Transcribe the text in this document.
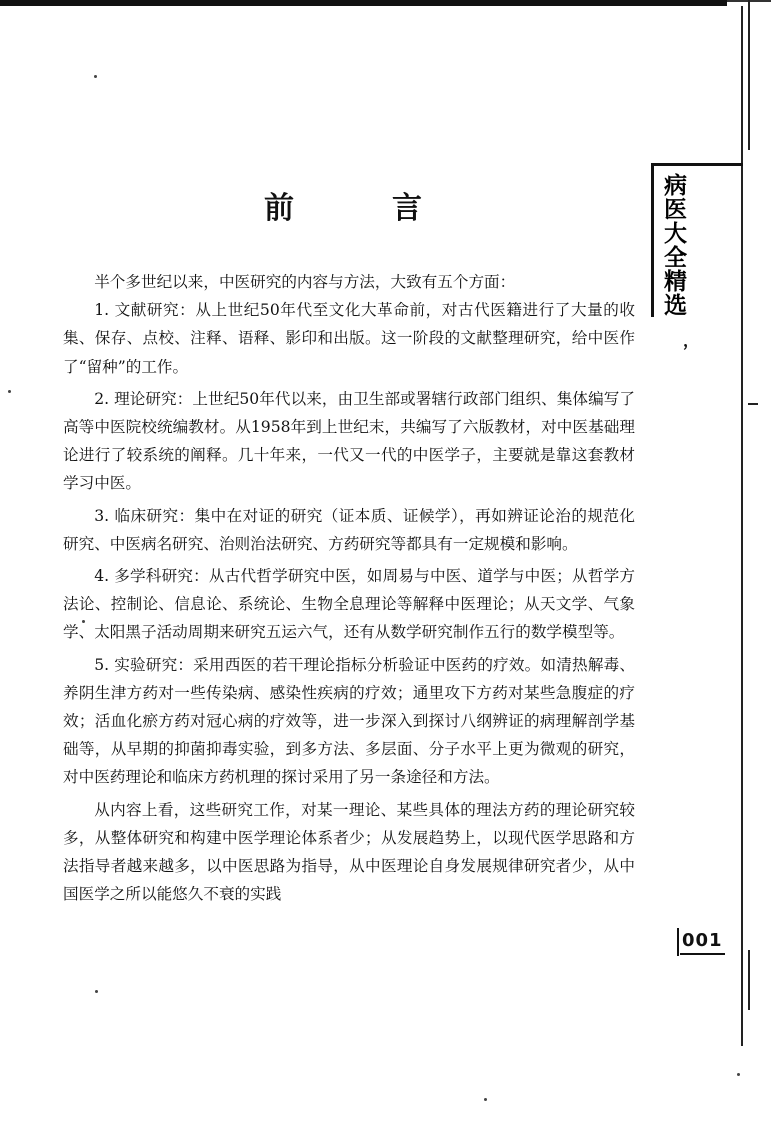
病医大全精选
，
001
前　言

半个多世纪以来，中医研究的内容与方法，大致有五个方面：

1. 文献研究：从上世纪50年代至文化大革命前，对古代医籍进行了大量的收集、保存、点校、注释、语释、影印和出版。这一阶段的文献整理研究，给中医作了“留种”的工作。

2. 理论研究：上世纪50年代以来，由卫生部或署辖行政部门组织、集体编写了高等中医院校统编教材。从1958年到上世纪末，共编写了六版教材，对中医基础理论进行了较系统的阐释。几十年来，一代又一代的中医学子，主要就是靠这套教材学习中医。

3. 临床研究：集中在对证的研究（证本质、证候学），再如辨证论治的规范化研究、中医病名研究、治则治法研究、方药研究等都具有一定规模和影响。

4. 多学科研究：从古代哲学研究中医，如周易与中医、道学与中医；从哲学方法论、控制论、信息论、系统论、生物全息理论等解释中医理论；从天文学、气象学、太阳黑子活动周期来研究五运六气，还有从数学研究制作五行的数学模型等。

5. 实验研究：采用西医的若干理论指标分析验证中医药的疗效。如清热解毒、养阴生津方药对一些传染病、感染性疾病的疗效；通里攻下方药对某些急腹症的疗效；活血化瘀方药对冠心病的疗效等，进一步深入到探讨八纲辨证的病理解剖学基础等，从早期的抑菌抑毒实验，到多方法、多层面、分子水平上更为微观的研究，对中医药理论和临床方药机理的探讨采用了另一条途径和方法。

从内容上看，这些研究工作，对某一理论、某些具体的理法方药的理论研究较多，从整体研究和构建中医学理论体系者少；从发展趋势上，以现代医学思路和方法指导者越来越多，以中医思路为指导，从中医理论自身发展规律研究者少，从中国医学之所以能悠久不衰的实践
